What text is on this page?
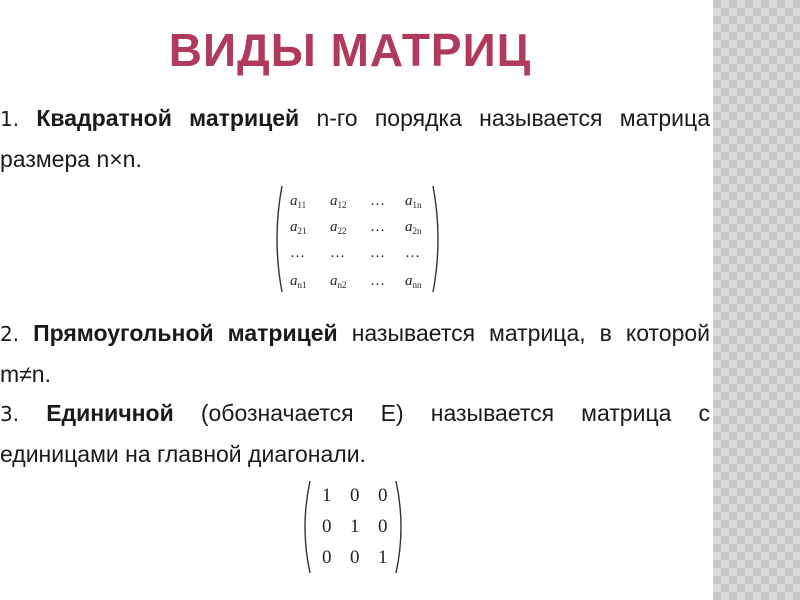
ВИДЫ МАТРИЦ
1. Квадратной матрицей n-го порядка называется матрица размера n×n.
$a_{11}$ $a_{12}$ … $a_{1n}$
$a_{21}$ $a_{22}$ … $a_{2n}$
… … … …
$a_{n1}$ $a_{n2}$ … $a_{nn}$
2. Прямоугольной матрицей называется матрица, в которой m≠n.
3. Единичной (обозначается E) называется матрица с единицами на главной диагонали.
1 0 0
0 1 0
0 0 1
